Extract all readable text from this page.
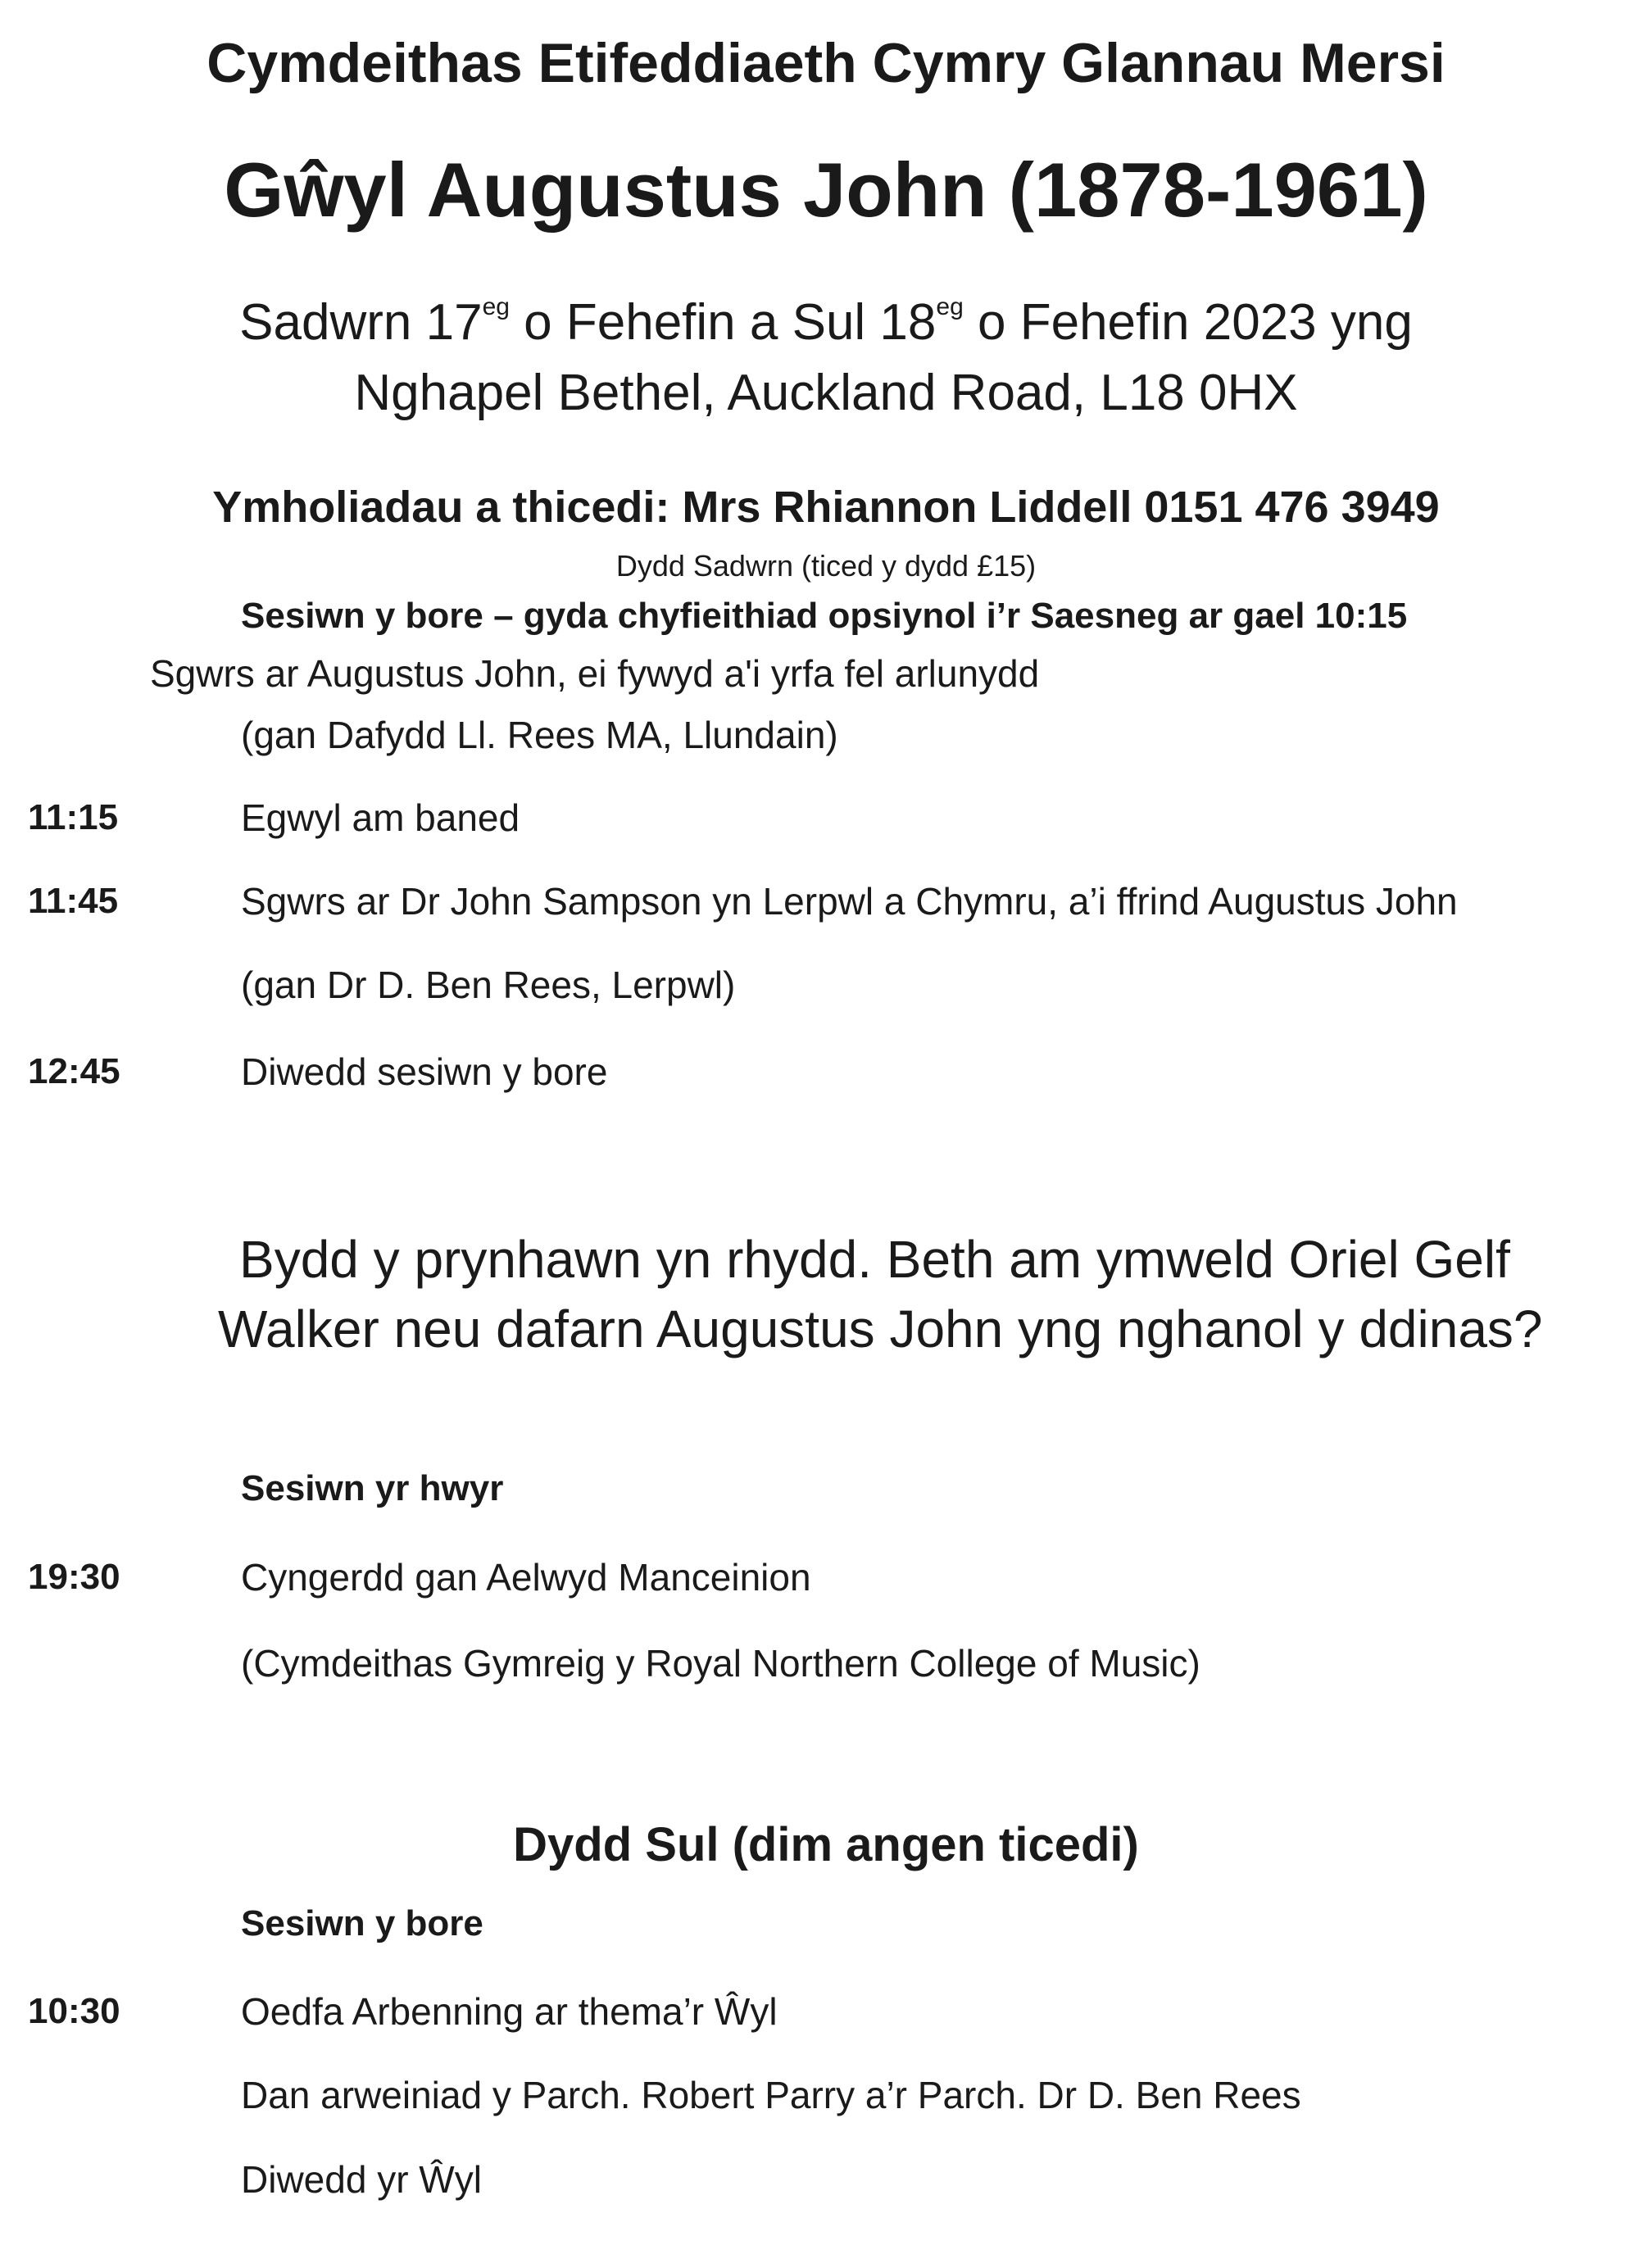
Cymdeithas Etifeddiaeth Cymry Glannau Mersi
Gŵyl Augustus John (1878-1961)
Sadwrn $17^{eg}$ o Fehefin a Sul $18^{eg}$ o Fehefin 2023 yng
Nghapel Bethel, Auckland Road, L18 0HX
Ymholiadau a thicedi: Mrs Rhiannon Liddell 0151 476 3949
Dydd Sadwrn (ticed y dydd £15)
Sesiwn y bore – gyda chyfieithiad opsiynol i’r Saesneg ar gael 10:15
Sgwrs ar Augustus John, ei fywyd a'i yrfa fel arlunydd
(gan Dafydd Ll. Rees MA, Llundain)
11:15	Egwyl am baned
11:45	Sgwrs ar Dr John Sampson yn Lerpwl a Chymru, a’i ffrind Augustus John
(gan Dr D. Ben Rees, Lerpwl)
12:45	Diwedd sesiwn y bore
Bydd y prynhawn yn rhydd. Beth am ymweld Oriel Gelf
Walker neu dafarn Augustus John yng nghanol y ddinas?
Sesiwn yr hwyr
19:30	Cyngerdd gan Aelwyd Manceinion
(Cymdeithas Gymreig y Royal Northern College of Music)
Dydd Sul (dim angen ticedi)
Sesiwn y bore
10:30	Oedfa Arbenning ar thema’r Ŵyl
Dan arweiniad y Parch. Robert Parry a’r Parch. Dr D. Ben Rees
Diwedd yr Ŵyl
